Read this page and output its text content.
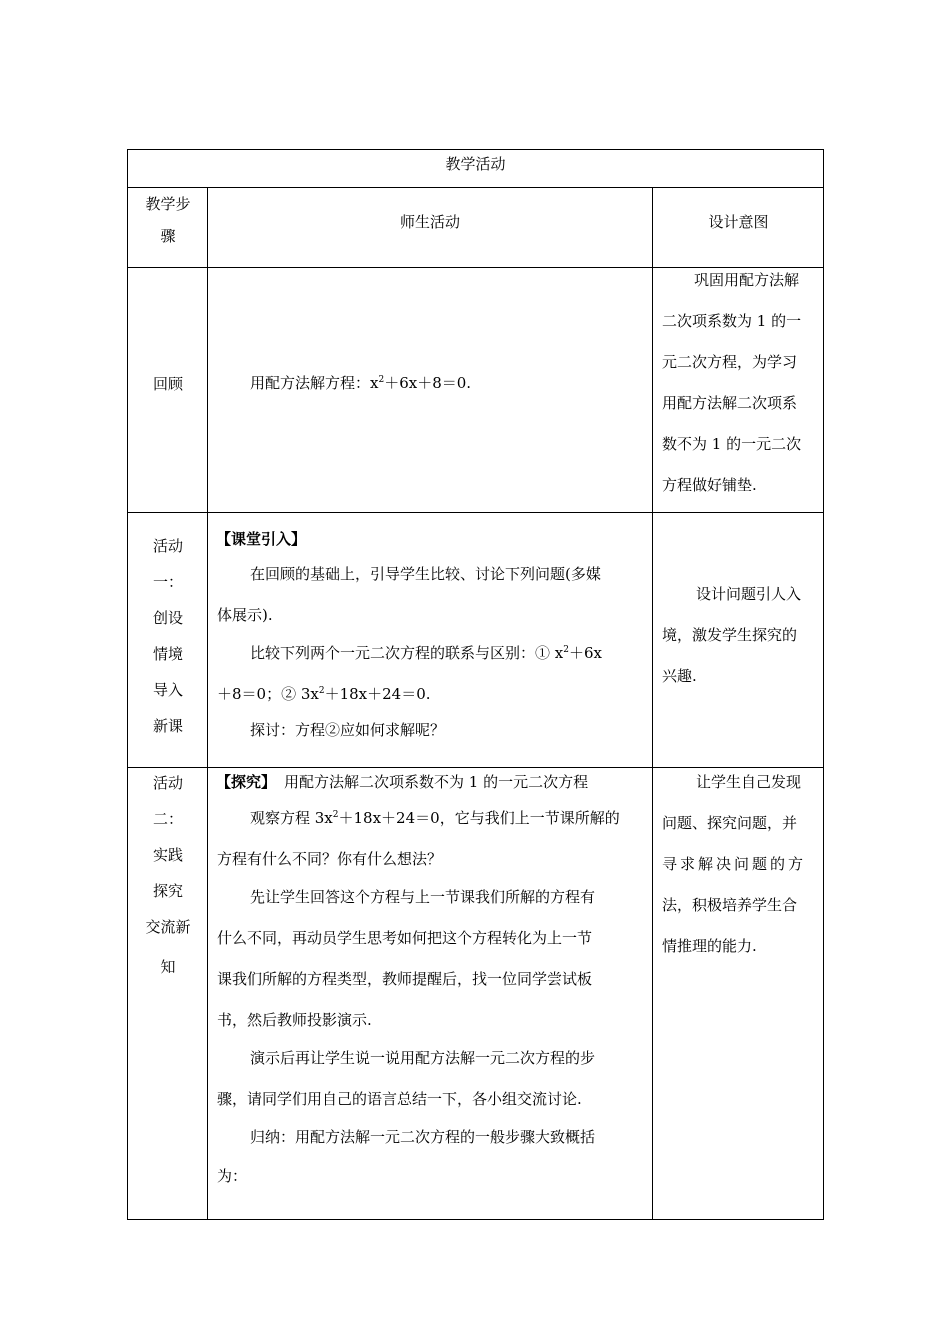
教学活动
教学步
骤
师生活动	设计意图
回顾	用配方法解方程：$x^2+6x+8=0$.
巩固用配方法解
二次项系数为 1 的一
元二次方程，为学习
用配方法解二次项系
数不为 1 的一元二次
方程做好铺垫.
活动
一：
创设
情境
导入
新课
【课堂引入】
在回顾的基础上，引导学生比较、讨论下列问题(多媒
体展示).
比较下列两个一元二次方程的联系与区别：① $x^2+6x$
＋8＝0；② $3x^2+18x+24=0$.
探讨：方程②应如何求解呢？
设计问题引人入
境，激发学生探究的
兴趣.
活动
二：
实践
探究
交流新
知
【探究】 用配方法解二次项系数不为 1 的一元二次方程
观察方程 $3x^2+18x+24=0$，它与我们上一节课所解的
方程有什么不同？你有什么想法？
先让学生回答这个方程与上一节课我们所解的方程有
什么不同，再动员学生思考如何把这个方程转化为上一节
课我们所解的方程类型，教师提醒后，找一位同学尝试板
书，然后教师投影演示.
演示后再让学生说一说用配方法解一元二次方程的步
骤，请同学们用自己的语言总结一下，各小组交流讨论.
归纳：用配方法解一元二次方程的一般步骤大致概括
为：
让学生自己发现
问题、探究问题，并
寻求解决问题的方
法，积极培养学生合
情推理的能力.
